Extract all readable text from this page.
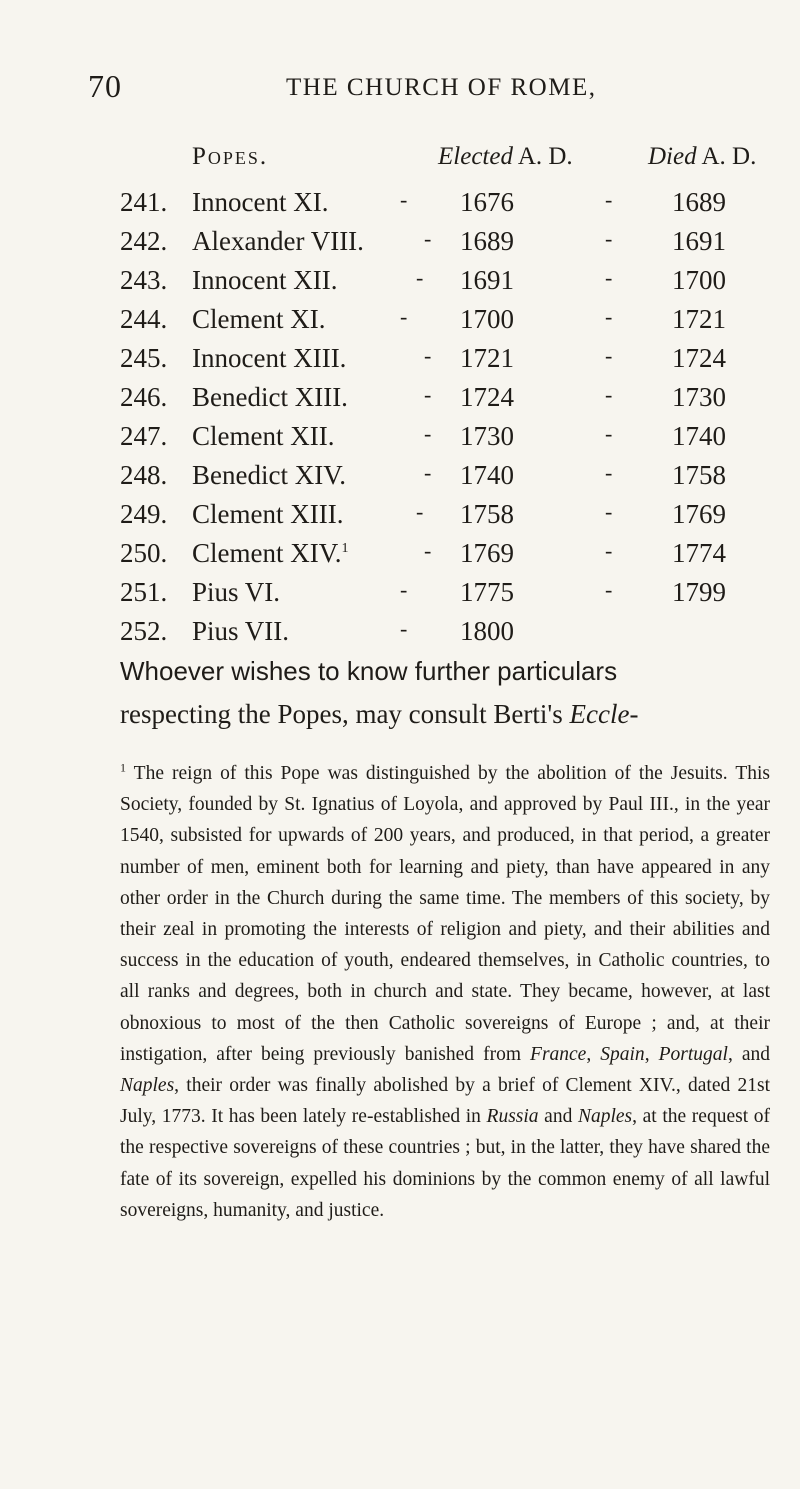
70	THE CHURCH OF ROME,
Popes.	Elected A. D.	Died A. D.
241. Innocent XI.	- 1676	- 1689
242. Alexander VIII.	- 1689	- 1691
243. Innocent XII.	- 1691	- 1700
244. Clement XI.	- 1700	- 1721
245. Innocent XIII.	- 1721	- 1724
246. Benedict XIII.	- 1724	- 1730
247. Clement XII.	- 1730	- 1740
248. Benedict XIV.	- 1740	- 1758
249. Clement XIII.	- 1758	- 1769
250. Clement XIV.$^1$	- 1769	- 1774
251. Pius VI.	- 1775	- 1799
252. Pius VII.	- 1800
Whoever wishes to know further particulars
respecting the Popes, may consult Berti's Eccle-
$^1$ The reign of this Pope was distinguished by the abolition of the Jesuits. This Society, founded by St. Ignatius of Loyola, and approved by Paul III., in the year 1540, subsisted for upwards of 200 years, and produced, in that period, a greater number of men, eminent both for learning and piety, than have appeared in any other order in the Church during the same time. The members of this society, by their zeal in promoting the interests of religion and piety, and their abilities and success in the education of youth, endeared themselves, in Catholic countries, to all ranks and degrees, both in church and state. They became, however, at last obnoxious to most of the then Catholic sovereigns of Europe ; and, at their instigation, after being previously banished from France, Spain, Portugal, and Naples, their order was finally abolished by a brief of Clement XIV., dated 21st July, 1773. It has been lately re-established in Russia and Naples, at the request of the respective sovereigns of these countries ; but, in the latter, they have shared the fate of its sovereign, expelled his dominions by the common enemy of all lawful sovereigns, humanity, and justice.
